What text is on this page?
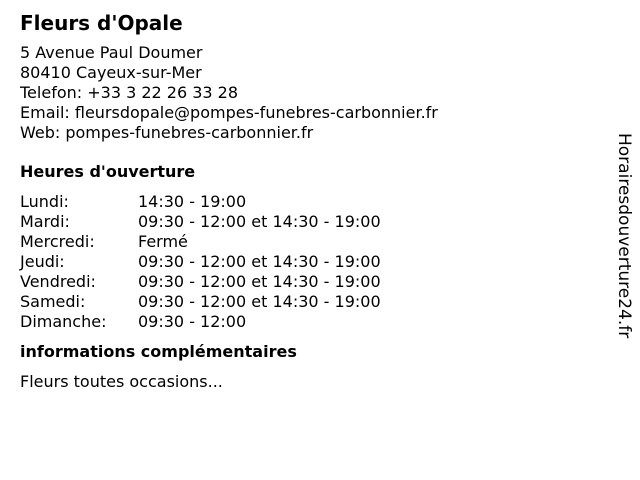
Fleurs d'Opale
5 Avenue Paul Doumer
80410 Cayeux-sur-Mer
Telefon: +33 3 22 26 33 28
Email: fleursdopale@pompes-funebres-carbonnier.fr
Web: pompes-funebres-carbonnier.fr
Heures d'ouverture
Lundi:	14:30 - 19:00
Mardi:	09:30 - 12:00 et 14:30 - 19:00
Mercredi:	Fermé
Jeudi:	09:30 - 12:00 et 14:30 - 19:00
Vendredi:	09:30 - 12:00 et 14:30 - 19:00
Samedi:	09:30 - 12:00 et 14:30 - 19:00
Dimanche:	09:30 - 12:00
informations complémentaires
Fleurs toutes occasions...
Horairesdouverture24.fr
